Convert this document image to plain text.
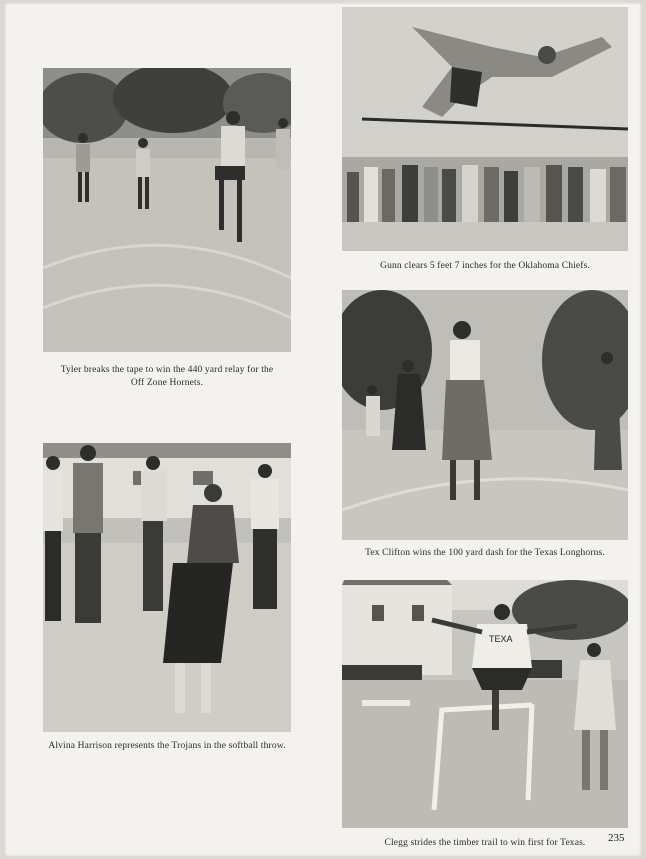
Tyler breaks the tape to win the 440 yard relay for the
Off Zone Hornets.
Gunn clears 5 feet 7 inches for the Oklahoma Chiefs.
Tex Clifton wins the 100 yard dash for the Texas Longhorns.
Alvina Harrison represents the Trojans in the softball throw.
TEXA
Clegg strides the timber trail to win first for Texas.	235
